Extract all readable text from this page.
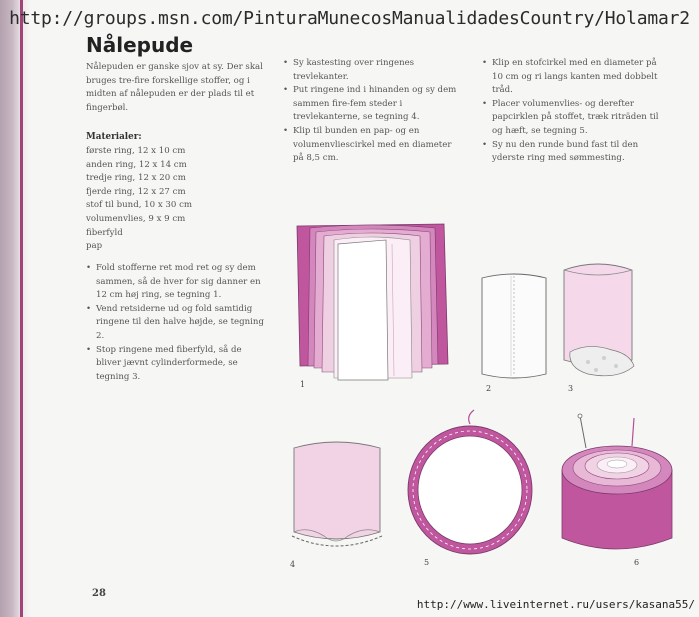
http://groups.msn.com/PinturaMunecosManualidadesCountry/Holamar2
Nålepude
Nålepuden er ganske sjov at sy. Der skal bruges tre-fire forskellige stoffer, og i midten af nålepuden er der plads til et fingerbøl.
Materialer:
første ring, 12 x 10 cm
anden ring, 12 x 14 cm
tredje ring, 12 x 20 cm
fjerde ring, 12 x 27 cm
stof til bund, 10 x 30 cm
volumenvlies, 9 x 9 cm
fiberfyld
pap
• Fold stofferne ret mod ret og sy dem sammen, så de hver for sig danner en 12 cm høj ring, se tegning 1.
• Vend retsiderne ud og fold samtidig ringene til den halve højde, se tegning 2.
• Stop ringene med fiberfyld, så de bliver jævnt cylinderformede, se tegning 3.
• Sy kastesting over ringenes trevlekanter.
• Put ringene ind i hinanden og sy dem sammen fire-fem steder i trevlekanterne, se tegning 4.
• Klip til bunden en pap- og en volumenvliescirkel med en diameter på 8,5 cm.
• Klip en stofcirkel med en diameter på 10 cm og ri langs kanten med dobbelt tråd.
• Placer volumenvlies- og derefter papcirklen på stoffet, træk riträden til og hæft, se tegning 5.
• Sy nu den runde bund fast til den yderste ring med sømmesting.
1	2	3
4	5	6
28
http://www.liveinternet.ru/users/kasana55/
